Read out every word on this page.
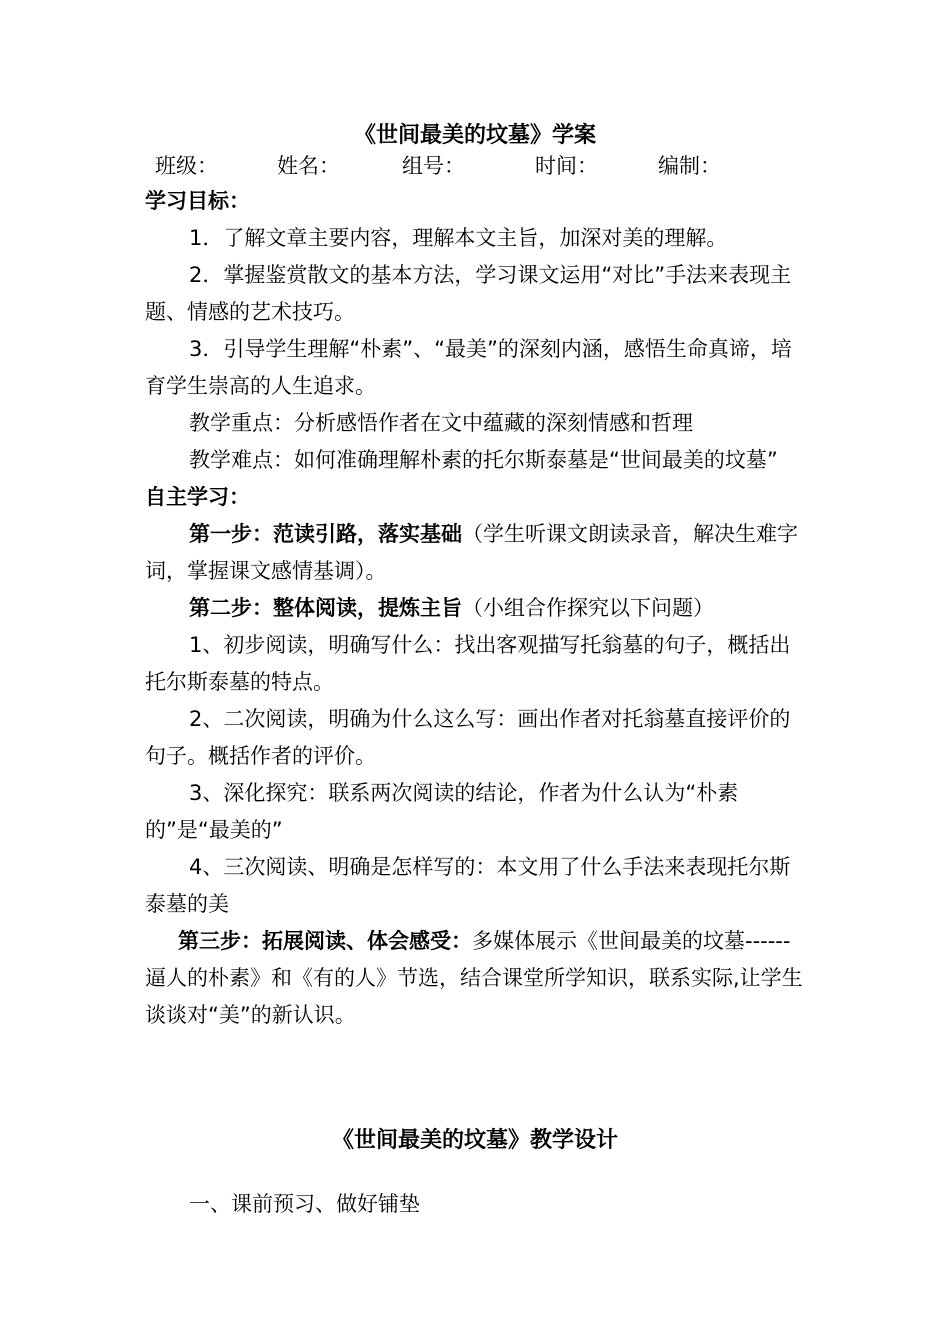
《世间最美的坟墓》学案
班级：	姓名：	组号：	时间：	编制：

学习目标：

1．了解文章主要内容，理解本文主旨，加深对美的理解。

2．掌握鉴赏散文的基本方法，学习课文运用“对比”手法来表现主题、情感的艺术技巧。

3．引导学生理解“朴素”、“最美”的深刻内涵，感悟生命真谛，培育学生崇高的人生追求。

教学重点：分析感悟作者在文中蕴藏的深刻情感和哲理

教学难点：如何准确理解朴素的托尔斯泰墓是“世间最美的坟墓”

自主学习：

第一步：范读引路，落实基础（学生听课文朗读录音，解决生难字词，掌握课文感情基调）。

第二步：整体阅读，提炼主旨（小组合作探究以下问题）

1、初步阅读，明确写什么：找出客观描写托翁墓的句子，概括出托尔斯泰墓的特点。

2、二次阅读，明确为什么这么写：画出作者对托翁墓直接评价的句子。概括作者的评价。

3、深化探究：联系两次阅读的结论，作者为什么认为“朴素的”是“最美的”

4、三次阅读、明确是怎样写的：本文用了什么手法来表现托尔斯泰墓的美

第三步：拓展阅读、体会感受：多媒体展示《世间最美的坟墓------逼人的朴素》和《有的人》节选，结合课堂所学知识，联系实际,让学生谈谈对“美”的新认识。

《世间最美的坟墓》教学设计
一、课前预习、做好铺垫
